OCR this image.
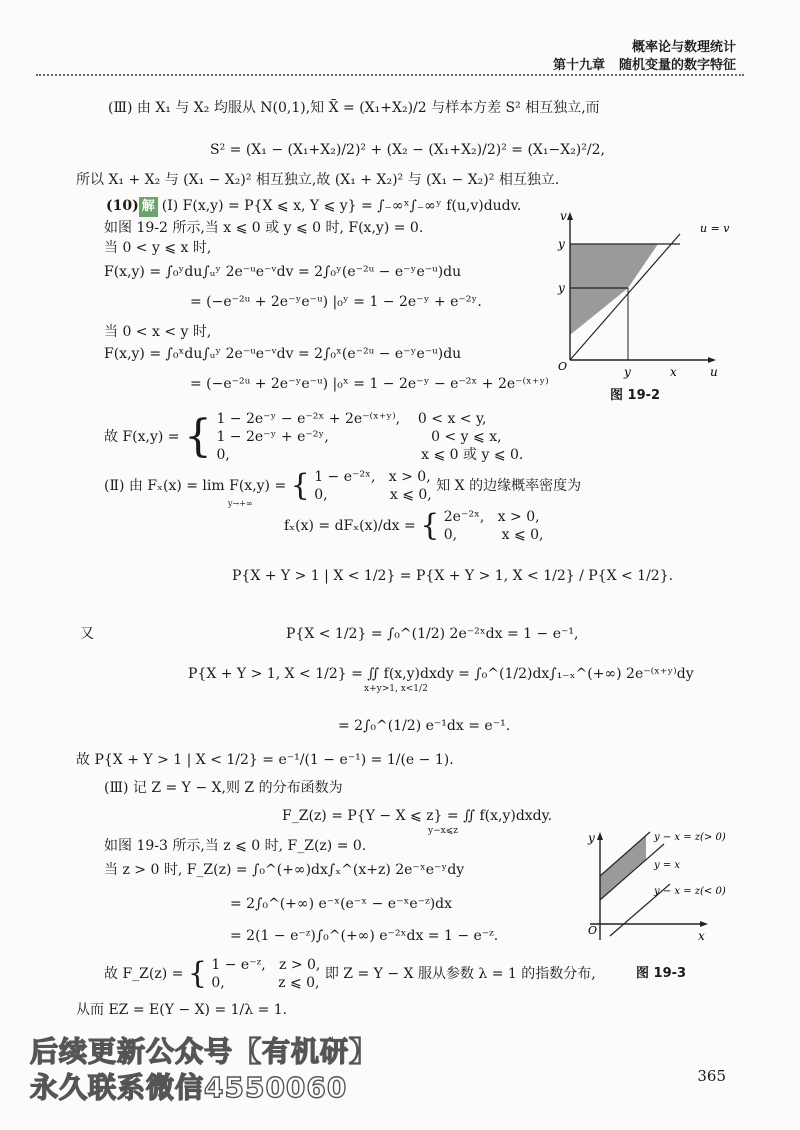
概率论与数理统计
第十九章 随机变量的数字特征
(Ⅲ) 由 X₁ 与 X₂ 均服从 N(0,1),知 X̄ = (X₁+X₂)/2 与样本方差 S² 相互独立,而
S² = (X₁ − (X₁+X₂)/2)² + (X₂ − (X₁+X₂)/2)² = (X₁−X₂)²/2,
所以 X₁ + X₂ 与 (X₁ − X₂)² 相互独立,故 (X₁ + X₂)² 与 (X₁ − X₂)² 相互独立.
(10) 解 (Ⅰ) F(x,y) = P{X ⩽ x, Y ⩽ y} = ∫₋∞ˣ∫₋∞ʸ f(u,v)dudv.
如图 19-2 所示,当 x ⩽ 0 或 y ⩽ 0 时, F(x,y) = 0.
当 0 < y ⩽ x 时,
F(x,y) = ∫₀ʸdu∫ᵤʸ 2e⁻ᵘe⁻ᵛdv = 2∫₀ʸ(e⁻²ᵘ − e⁻ʸe⁻ᵘ)du
= (−e⁻²ᵘ + 2e⁻ʸe⁻ᵘ) |₀ʸ = 1 − 2e⁻ʸ + e⁻²ʸ.
当 0 < x < y 时,
F(x,y) = ∫₀ˣdu∫ᵤʸ 2e⁻ᵘe⁻ᵛdv = 2∫₀ˣ(e⁻²ᵘ − e⁻ʸe⁻ᵘ)du
= (−e⁻²ᵘ + 2e⁻ʸe⁻ᵘ) |₀ˣ = 1 − 2e⁻ʸ − e⁻²ˣ + 2e⁻⁽ˣ⁺ʸ⁾
故 F(x,y) = { 1 − 2e⁻ʸ − e⁻²ˣ + 2e⁻⁽ˣ⁺ʸ⁾,    0 < x < y,
1 − 2e⁻ʸ + e⁻²ʸ,                       0 < y ⩽ x,
0,                                           x ⩽ 0 或 y ⩽ 0.
(Ⅱ) 由 Fₓ(x) = lim F(x,y) =
y→+∞
{ 1 − e⁻²ˣ,   x > 0,
0,              x ⩽ 0,
知 X 的边缘概率密度为
fₓ(x) = dFₓ(x)/dx = { 2e⁻²ˣ,   x > 0,
0,          x ⩽ 0,
P{X + Y > 1 | X < 1/2} = P{X + Y > 1, X < 1/2} / P{X < 1/2}.
又	P{X < 1/2} = ∫₀^(1/2) 2e⁻²ˣdx = 1 − e⁻¹,
P{X + Y > 1, X < 1/2} = ∬ f(x,y)dxdy = ∫₀^(1/2)dx∫₁₋ₓ^(+∞) 2e⁻⁽ˣ⁺ʸ⁾dy
x+y>1, x<1/2
= 2∫₀^(1/2) e⁻¹dx = e⁻¹.
故 P{X + Y > 1 | X < 1/2} = e⁻¹/(1 − e⁻¹) = 1/(e − 1).
(Ⅲ) 记 Z = Y − X,则 Z 的分布函数为
F_Z(z) = P{Y − X ⩽ z} = ∬ f(x,y)dxdy.
y−x⩽z
如图 19-3 所示,当 z ⩽ 0 时, F_Z(z) = 0.
当 z > 0 时, F_Z(z) = ∫₀^(+∞)dx∫ₓ^(x+z) 2e⁻ˣe⁻ʸdy
= 2∫₀^(+∞) e⁻ˣ(e⁻ˣ − e⁻ˣe⁻ᶻ)dx
= 2(1 − e⁻ᶻ)∫₀^(+∞) e⁻²ˣdx = 1 − e⁻ᶻ.
故 F_Z(z) = { 1 − e⁻ᶻ,   z > 0,
0,            z ⩽ 0,
即 Z = Y − X 服从参数 λ = 1 的指数分布,
从而 EZ = E(Y − X) = 1/λ = 1.
v
u
O
y
y
y	x
u = v
图 19-2
y
x
O
y − x = z(> 0)
y = x
y − x = z(< 0)
图 19-3
后续更新公众号【有机研】
永久联系微信4550060	365
